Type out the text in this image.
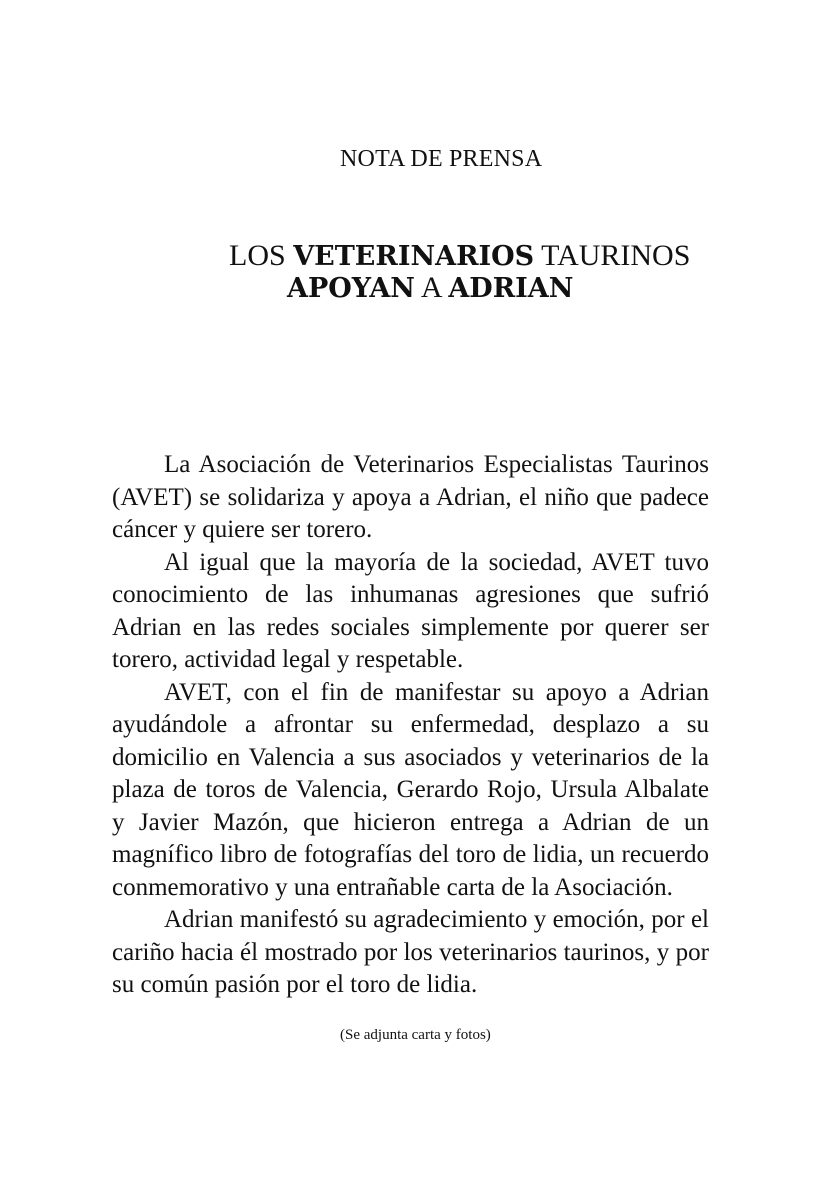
NOTA DE PRENSA
LOS VETERINARIOS TAURINOS
APOYAN A ADRIAN

La Asociación de Veterinarios Especialistas Taurinos (AVET) se solidariza y apoya a Adrian, el niño que padece cáncer y quiere ser torero.

Al igual que la mayoría de la sociedad, AVET tuvo conocimiento de las inhumanas agresiones que sufrió Adrian en las redes sociales simplemente por querer ser torero, actividad legal y respetable.

AVET, con el fin de manifestar su apoyo a Adrian ayudándole a afrontar su enfermedad, desplazo a su domicilio en Valencia a sus asociados y veterinarios de la plaza de toros de Valencia, Gerardo Rojo, Ursula Albalate y Javier Mazón, que hicieron entrega a Adrian de un magnífico libro de fotografías del toro de lidia, un recuerdo conmemorativo y una entrañable carta de la Asociación.

Adrian manifestó su agradecimiento y emoción, por el cariño hacia él mostrado por los veterinarios taurinos, y por su común pasión por el toro de lidia.

(Se adjunta carta y fotos)
